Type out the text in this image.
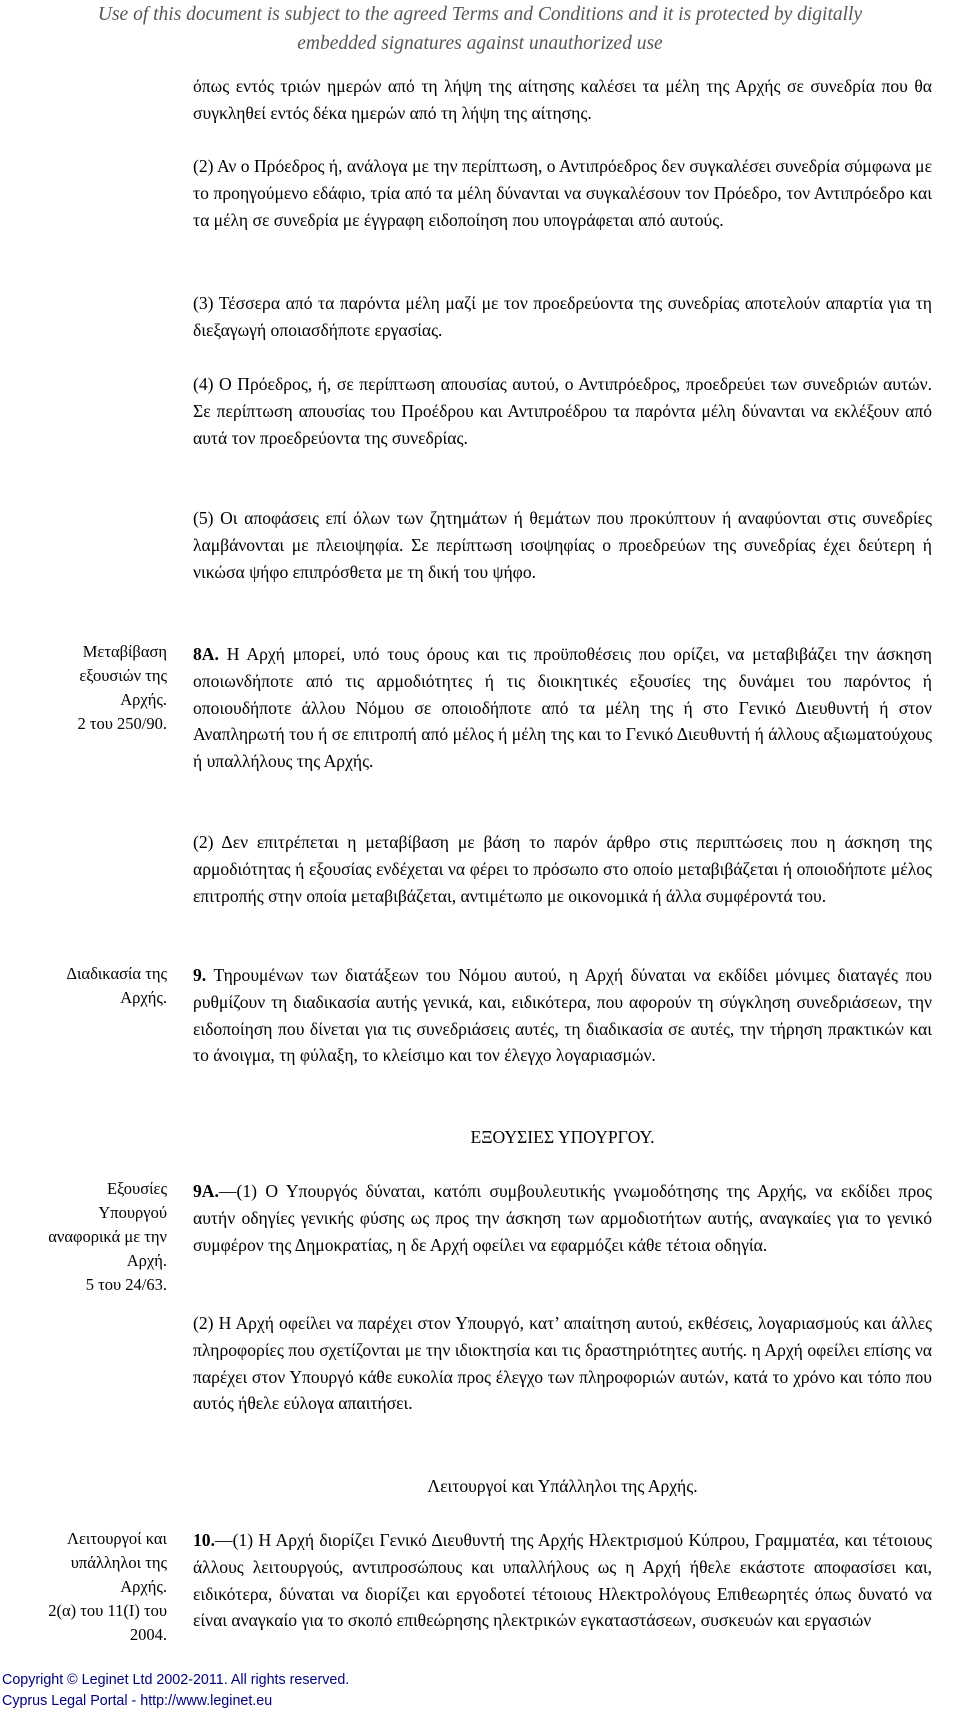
Use of this document is subject to the agreed Terms and Conditions and it is protected by digitally
embedded signatures against unauthorized use
όπως εντός τριών ημερών από τη λήψη της αίτησης καλέσει τα μέλη της Αρχής σε συνεδρία που θα συγκληθεί εντός δέκα ημερών από τη λήψη της αίτησης.
(2) Αν ο Πρόεδρος ή, ανάλογα με την περίπτωση, ο Αντιπρόεδρος δεν συγκαλέσει συνεδρία σύμφωνα με το προηγούμενο εδάφιο, τρία από τα μέλη δύνανται να συγκαλέσουν τον Πρόεδρο, τον Αντιπρόεδρο και τα μέλη σε συνεδρία με έγγραφη ειδοποίηση που υπογράφεται από αυτούς.
(3) Τέσσερα από τα παρόντα μέλη μαζί με τον προεδρεύοντα της συνεδρίας αποτελούν απαρτία για τη διεξαγωγή οποιασδήποτε εργασίας.
(4) Ο Πρόεδρος, ή, σε περίπτωση απουσίας αυτού, ο Αντιπρόεδρος, προεδρεύει των συνεδριών αυτών. Σε περίπτωση απουσίας του Προέδρου και Αντιπροέδρου τα παρόντα μέλη δύνανται να εκλέξουν από αυτά τον προεδρεύοντα της συνεδρίας.
(5) Οι αποφάσεις επί όλων των ζητημάτων ή θεμάτων που προκύπτουν ή αναφύονται στις συνεδρίες λαμβάνονται με πλειοψηφία. Σε περίπτωση ισοψηφίας ο προεδρεύων της συνεδρίας έχει δεύτερη ή νικώσα ψήφο επιπρόσθετα με τη δική του ψήφο.
Μεταβίβαση
εξουσιών της
Αρχής.
2 του 250/90.
8Α. Η Αρχή μπορεί, υπό τους όρους και τις προϋποθέσεις που ορίζει, να μεταβιβάζει την άσκηση οποιωνδήποτε από τις αρμοδιότητες ή τις διοικητικές εξουσίες της δυνάμει του παρόντος ή οποιουδήποτε άλλου Νόμου σε οποιοδήποτε από τα μέλη της ή στο Γενικό Διευθυντή ή στον Αναπληρωτή του ή σε επιτροπή από μέλος ή μέλη της και το Γενικό Διευθυντή ή άλλους αξιωματούχους ή υπαλλήλους της Αρχής.
(2) Δεν επιτρέπεται η μεταβίβαση με βάση το παρόν άρθρο στις περιπτώσεις που η άσκηση της αρμοδιότητας ή εξουσίας ενδέχεται να φέρει το πρόσωπο στο οποίο μεταβιβάζεται ή οποιοδήποτε μέλος επιτροπής στην οποία μεταβιβάζεται, αντιμέτωπο με οικονομικά ή άλλα συμφέροντά του.
Διαδικασία της
Αρχής.
9. Τηρουμένων των διατάξεων του Νόμου αυτού, η Αρχή δύναται να εκδίδει μόνιμες διαταγές που ρυθμίζουν τη διαδικασία αυτής γενικά, και, ειδικότερα, που αφορούν τη σύγκληση συνεδριάσεων, την ειδοποίηση που δίνεται για τις συνεδριάσεις αυτές, τη διαδικασία σε αυτές, την τήρηση πρακτικών και το άνοιγμα, τη φύλαξη, το κλείσιμο και τον έλεγχο λογαριασμών.
ΕΞΟΥΣΙΕΣ ΥΠΟΥΡΓΟΥ.
Εξουσίες
Υπουργού
αναφορικά με την
Αρχή.
5 του 24/63.
9Α.—(1) Ο Υπουργός δύναται, κατόπι συμβουλευτικής γνωμοδότησης της Αρχής, να εκδίδει προς αυτήν οδηγίες γενικής φύσης ως προς την άσκηση των αρμοδιοτήτων αυτής, αναγκαίες για το γενικό συμφέρον της Δημοκρατίας, η δε Αρχή οφείλει να εφαρμόζει κάθε τέτοια οδηγία.
(2) Η Αρχή οφείλει να παρέχει στον Υπουργό, κατ’ απαίτηση αυτού, εκθέσεις, λογαριασμούς και άλλες πληροφορίες που σχετίζονται με την ιδιοκτησία και τις δραστηριότητες αυτής. η Αρχή οφείλει επίσης να παρέχει στον Υπουργό κάθε ευκολία προς έλεγχο των πληροφοριών αυτών, κατά το χρόνο και τόπο που αυτός ήθελε εύλογα απαιτήσει.
Λειτουργοί και Υπάλληλοι της Αρχής.
Λειτουργοί και
υπάλληλοι της
Αρχής.
2(α) του 11(Ι) του
2004.
10.—(1) Η Αρχή διορίζει Γενικό Διευθυντή της Αρχής Ηλεκτρισμού Κύπρου, Γραμματέα, και τέτοιους άλλους λειτουργούς, αντιπροσώπους και υπαλλήλους ως η Αρχή ήθελε εκάστοτε αποφασίσει και, ειδικότερα, δύναται να διορίζει και εργοδοτεί τέτοιους Ηλεκτρολόγους Επιθεωρητές όπως δυνατό να είναι αναγκαίο για το σκοπό επιθεώρησης ηλεκτρικών εγκαταστάσεων, συσκευών και εργασιών
Copyright © Leginet Ltd 2002-2011. All rights reserved.
Cyprus Legal Portal - http://www.leginet.eu
